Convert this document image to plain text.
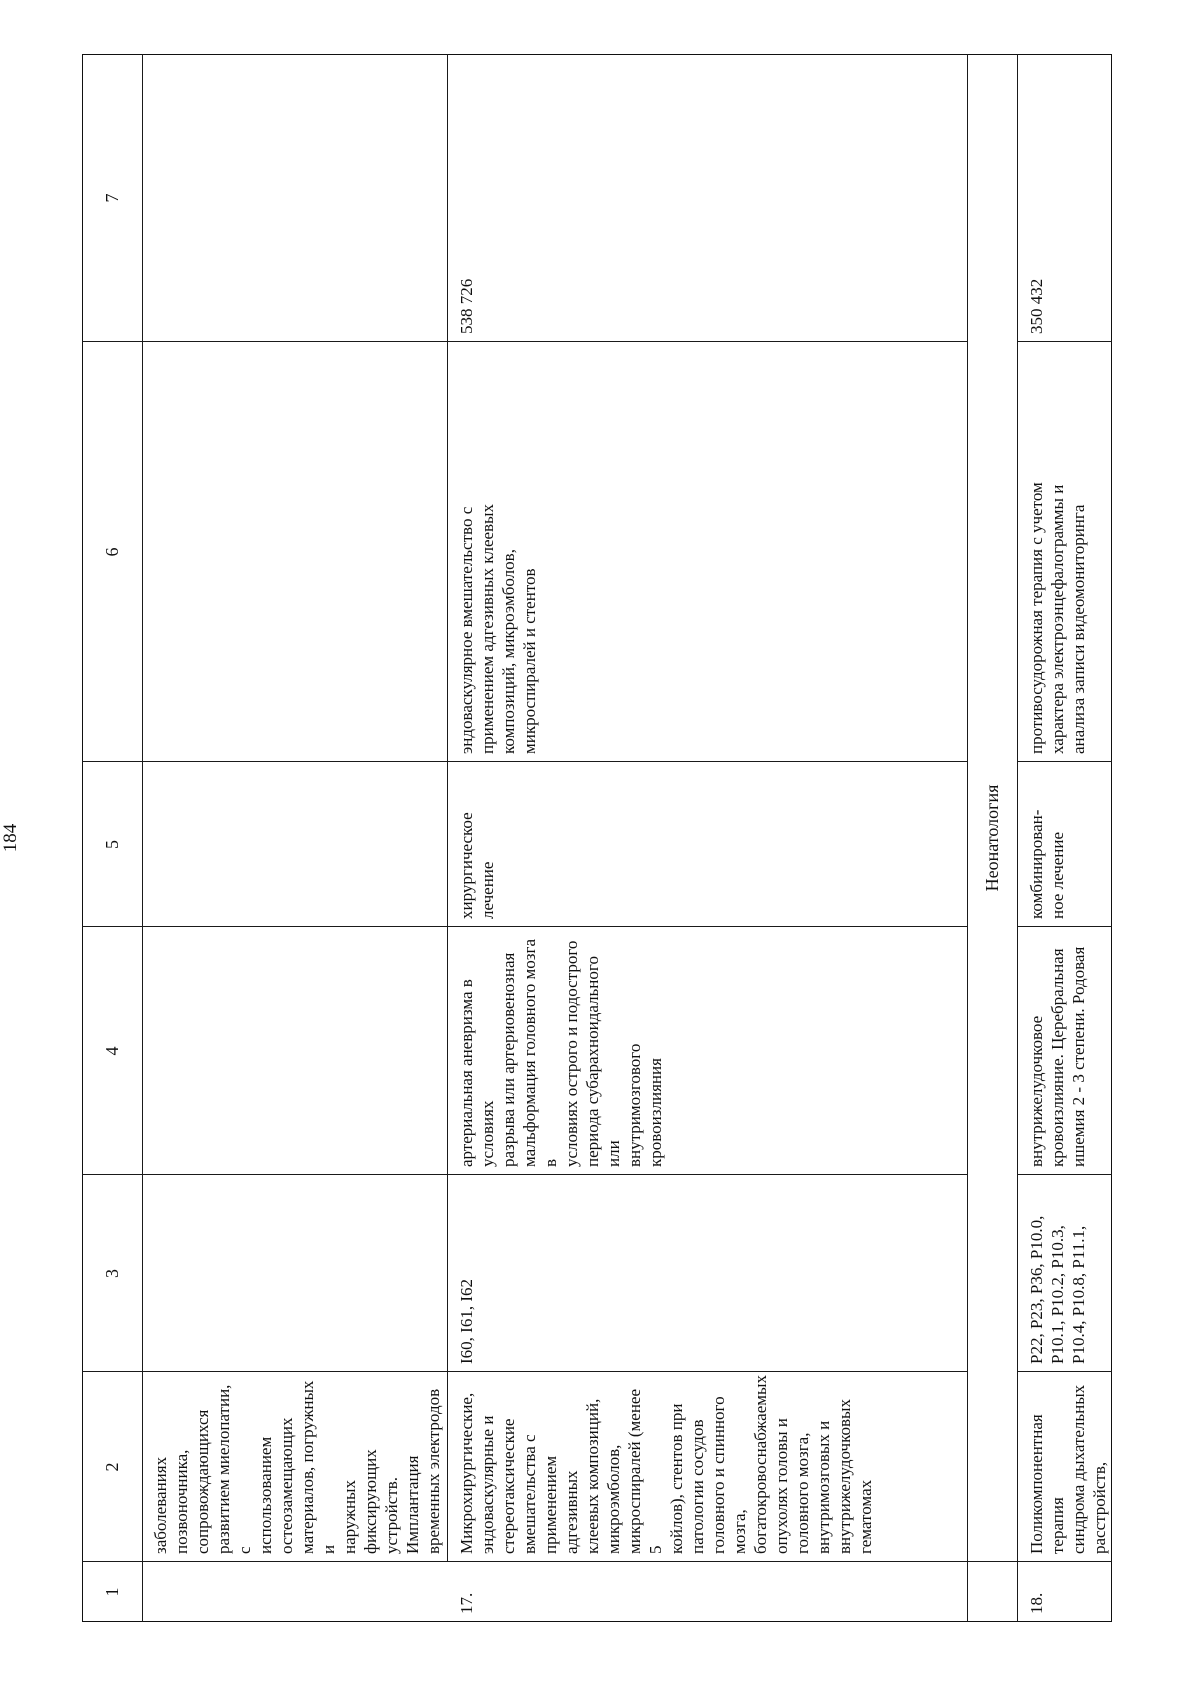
184
1
2
3
4
5
6
7
заболеваниях
позвоночника,
сопровождающихся
развитием миелопатии, с
использованием
остеозамещающих
материалов, погружных и
наружных фиксирующих
устройств. Имплантация
временных электродов

17.
Микрохирургические,
эндоваскулярные и
стереотаксические
вмешательства с
применением адгезивных
клеевых композиций,
микроэмболов,
микроспиралей (менее 5
койлов), стентов при
патологии сосудов
головного и спинного
мозга,
богатокровоснабжаемых
опухолях головы и
головного мозга,
внутримозговых и
внутрижелудочковых
гематомах
I60, I61, I62
артериальная аневризма в условиях
разрыва или артериовенозная
мальформация головного мозга в
условиях острого и подострого
периода субарахноидального или
внутримозгового кровоизлияния
хирургическое
лечение
эндоваскулярное вмешательство с
применением адгезивных клеевых
композиций, микроэмболов,
микроспиралей и стентов
538 726
Неонатология
18.
Поликомпонентная терапия
синдрома дыхательных
расстройств,
P22, P23, P36, P10.0,
P10.1, P10.2, P10.3,
P10.4, P10.8, P11.1,
внутрижелудочковое
кровоизлияние. Церебральная
ишемия 2 - 3 степени. Родовая
комбинирован-
ное лечение
противосудорожная терапия с учетом
характера электроэнцефалограммы и
анализа записи видеомониторинга
350 432
